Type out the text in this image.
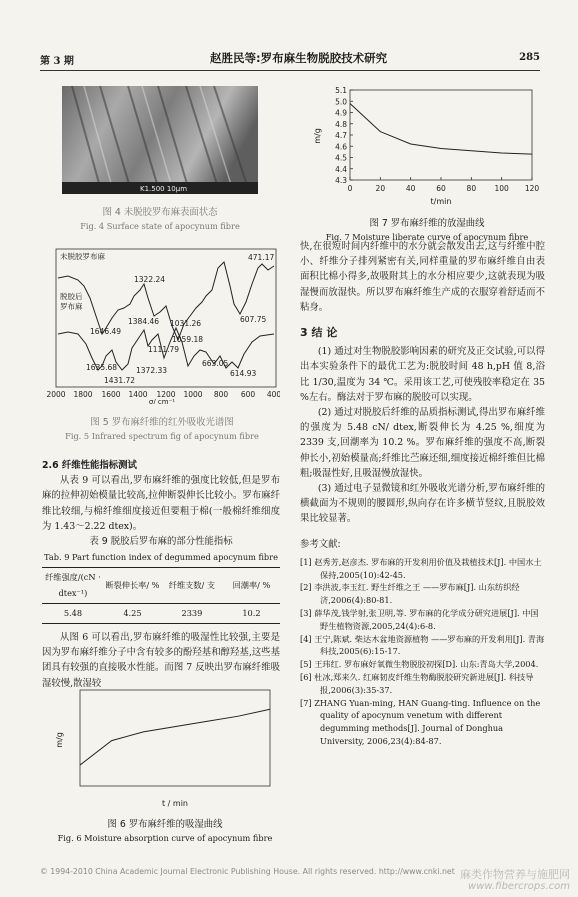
第 3 期	赵胜民等:罗布麻生物脱胶技术研究	285
K1.500 10μm
图 4 未脱胶罗布麻表面状态
Fig. 4 Surface state of apocynum fibre
未脱胶罗布麻
脱胶后
罗布麻
471.17
1322.24
607.75
1646.49
1384.46 1031.26
1059.18
1111.79
1635.68	1372.33
663.05
614.93
1431.72
2000 1800 1600 1400 1200 1000 800 600 400
σ/ cm⁻¹
图 5 罗布麻纤维的红外吸收光谱图
Fig. 5 Infrared spectrum fig of apocynum fibre
2.6 纤维性能指标测试

从表 9 可以看出,罗布麻纤维的强度比较低,但是罗布麻的拉伸初始模量比较高,拉伸断裂伸长比较小。罗布麻纤维比较细,与棉纤维细度接近但要粗于棉(一般棉纤维细度为 1.43～2.22 dtex)。

表 9 脱胶后罗布麻的部分性能指标
Tab. 9 Part function index of degummed apocynum fibre
纤维强度/(cN · dtex⁻¹)	断裂伸长率/ %	纤维支数/ 支	回潮率/ %
5.48	4.25	2339	10.2

从图 6 可以看出,罗布麻纤维的吸湿性比较强,主要是因为罗布麻纤维分子中含有较多的酚羟基和醇羟基,这些基团具有较强的直接吸水性能。而图 7 反映出罗布麻纤维吸湿较慢,散湿较

m/g
t / min
图 6 罗布麻纤维的吸湿曲线
Fig. 6 Moisture absorption curve of apocynum fibre
m/g
t/min
5.1
5.0
4.9
4.8
4.7
4.6
4.5
4.4
4.3
0	20	40	60	80 100 120
图 7 罗布麻纤维的放湿曲线
Fig. 7 Moisture liberate curve of apocynum fibre

快,在很短时间内纤维中的水分就会散发出去,这与纤维中腔小、纤维分子排列紧密有关,同样重量的罗布麻纤维自由表面积比棉小得多,故吸附其上的水分相应要少,这就表现为吸湿慢而放湿快。所以罗布麻纤维生产成的衣服穿着舒适而不粘身。

3 结 论

(1) 通过对生物脱胶影响因素的研究及正交试验,可以得出本实验条件下的最优工艺为:脱胶时间 48 h,pH 值 8,浴比 1/30,温度为 34 ℃。采用该工艺,可使残胶率稳定在 35 %左右。酶法对于罗布麻的脱胶可以实现。

(2) 通过对脱胶后纤维的品质指标测试,得出罗布麻纤维的强度为 5.48 cN/ dtex,断裂伸长为 4.25 %,细度为 2339 支,回潮率为 10.2 %。罗布麻纤维的强度不高,断裂伸长小,初始模量高;纤维比苎麻还细,细度接近棉纤维但比棉粗;吸湿性好,且吸湿慢放湿快。

(3) 通过电子显微镜和红外吸收光谱分析,罗布麻纤维的横截面为不规则的腰圆形,纵向存在许多横节竖纹,且脱胶效果比较显著。

参考文献:
[1] 赵秀芳,赵彦杰. 罗布麻的开发利用价值及栽植技术[J]. 中国水土保持,2005(10):42-45.
[2] 李洪波,李玉红. 野生纤维之王 ——罗布麻[J]. 山东纺织经济,2006(4):80-81.
[3] 薛华茂,钱学射,张卫明,等. 罗布麻的化学成分研究进展[J]. 中国野生植物资源,2005,24(4):6-8.
[4] 王宁,陈斌. 柴达木盆地资源植物 ——罗布麻的开发利用[J]. 青海科技,2005(6):15-17.
[5] 王玮红. 罗布麻好氧微生物脱胶初探[D]. 山东:青岛大学,2004.
[6] 杜冰,郑来久. 红麻韧皮纤维生物酶脱胶研究新进展[J]. 科技导报,2006(3):35-37.
[7] ZHANG Yuan-ming, HAN Guang-ting. Influence on the quality of apocynum venetum with different degumming methods[J]. Journal of Donghua University, 2006,23(4):84-87.
© 1994-2010 China Academic Journal Electronic Publishing House. All rights reserved. http://www.cnki.net 麻类作物营养与施肥网
www.fibercrops.com
